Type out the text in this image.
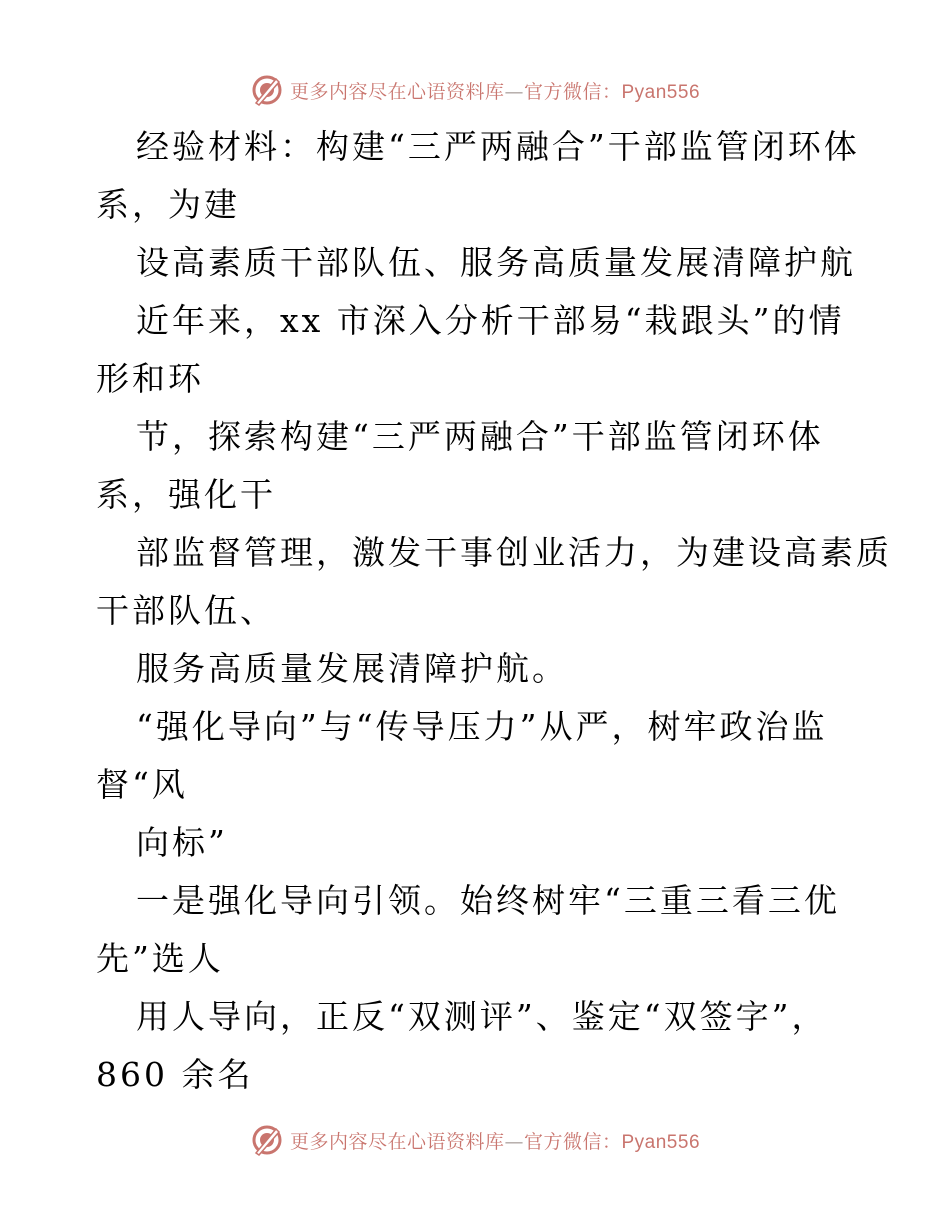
更多内容尽在心语资料库—官方微信：Pyan556
经验材料：构建“三严两融合”干部监管闭环体
系，为建
设高素质干部队伍、服务高质量发展清障护航
近年来，xx 市深入分析干部易“栽跟头”的情
形和环
节，探索构建“三严两融合”干部监管闭环体
系，强化干
部监督管理，激发干事创业活力，为建设高素质
干部队伍、
服务高质量发展清障护航。
“强化导向”与“传导压力”从严，树牢政治监
督“风
向标”
一是强化导向引领。始终树牢“三重三看三优
先”选人
用人导向，正反“双测评”、鉴定“双签字”，
860 余名
更多内容尽在心语资料库—官方微信：Pyan556
